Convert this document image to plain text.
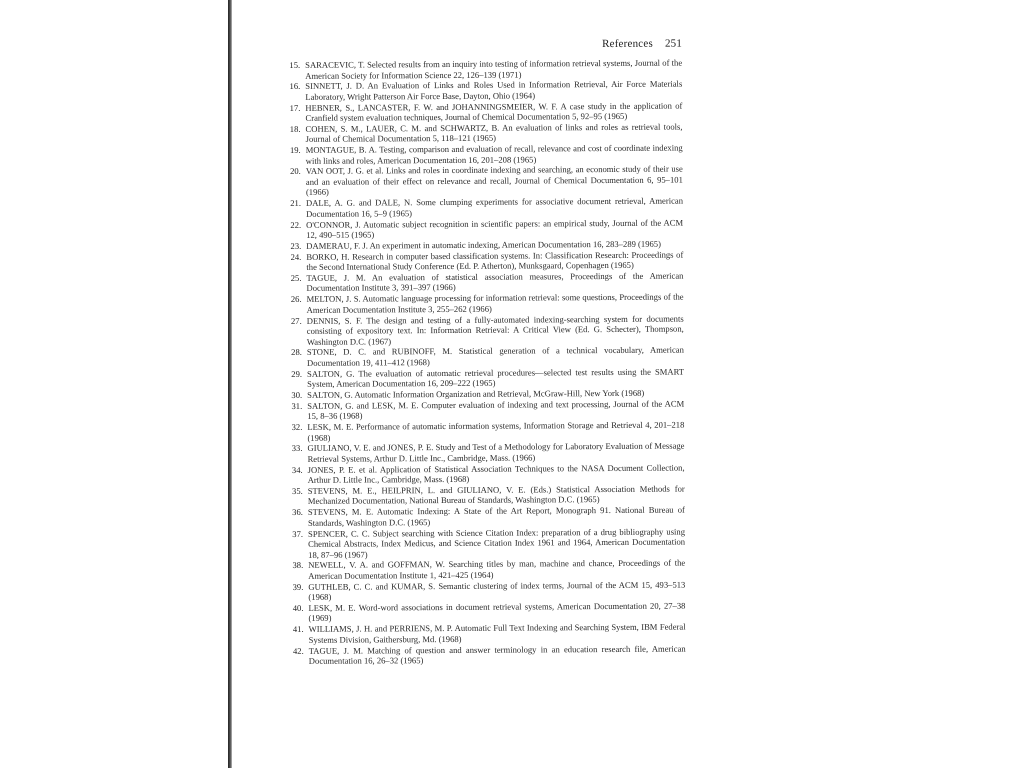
References 251
15. SARACEVIC, T. Selected results from an inquiry into testing of information retrieval systems, Journal of the American Society for Information Science 22, 126–139 (1971)
16. SINNETT, J. D. An Evaluation of Links and Roles Used in Information Retrieval, Air Force Materials Laboratory, Wright Patterson Air Force Base, Dayton, Ohio (1964)
17. HEBNER, S., LANCASTER, F. W. and JOHANNINGSMEIER, W. F. A case study in the application of Cranfield system evaluation techniques, Journal of Chemical Documentation 5, 92–95 (1965)
18. COHEN, S. M., LAUER, C. M. and SCHWARTZ, B. An evaluation of links and roles as retrieval tools, Journal of Chemical Documentation 5, 118–121 (1965)
19. MONTAGUE, B. A. Testing, comparison and evaluation of recall, relevance and cost of coordinate indexing with links and roles, American Documentation 16, 201–208 (1965)
20. VAN OOT, J. G. et al. Links and roles in coordinate indexing and searching, an economic study of their use and an evaluation of their effect on relevance and recall, Journal of Chemical Documentation 6, 95–101 (1966)
21. DALE, A. G. and DALE, N. Some clumping experiments for associative document retrieval, American Documentation 16, 5–9 (1965)
22. O'CONNOR, J. Automatic subject recognition in scientific papers: an empirical study, Journal of the ACM 12, 490–515 (1965)
23. DAMERAU, F. J. An experiment in automatic indexing, American Documentation 16, 283–289 (1965)
24. BORKO, H. Research in computer based classification systems. In: Classification Research: Proceedings of the Second International Study Conference (Ed. P. Atherton), Munksgaard, Copenhagen (1965)
25. TAGUE, J. M. An evaluation of statistical association measures, Proceedings of the American Documentation Institute 3, 391–397 (1966)
26. MELTON, J. S. Automatic language processing for information retrieval: some questions, Proceedings of the American Documentation Institute 3, 255–262 (1966)
27. DENNIS, S. F. The design and testing of a fully-automated indexing-searching system for documents consisting of expository text. In: Information Retrieval: A Critical View (Ed. G. Schecter), Thompson, Washington D.C. (1967)
28. STONE, D. C. and RUBINOFF, M. Statistical generation of a technical vocabulary, American Documentation 19, 411–412 (1968)
29. SALTON, G. The evaluation of automatic retrieval procedures—selected test results using the SMART System, American Documentation 16, 209–222 (1965)
30. SALTON, G. Automatic Information Organization and Retrieval, McGraw-Hill, New York (1968)
31. SALTON, G. and LESK, M. E. Computer evaluation of indexing and text processing, Journal of the ACM 15, 8–36 (1968)
32. LESK, M. E. Performance of automatic information systems, Information Storage and Retrieval 4, 201–218 (1968)
33. GIULIANO, V. E. and JONES, P. E. Study and Test of a Methodology for Laboratory Evaluation of Message Retrieval Systems, Arthur D. Little Inc., Cambridge, Mass. (1966)
34. JONES, P. E. et al. Application of Statistical Association Techniques to the NASA Document Collection, Arthur D. Little Inc., Cambridge, Mass. (1968)
35. STEVENS, M. E., HEILPRIN, L. and GIULIANO, V. E. (Eds.) Statistical Association Methods for Mechanized Documentation, National Bureau of Standards, Washington D.C. (1965)
36. STEVENS, M. E. Automatic Indexing: A State of the Art Report, Monograph 91. National Bureau of Standards, Washington D.C. (1965)
37. SPENCER, C. C. Subject searching with Science Citation Index: preparation of a drug bibliography using Chemical Abstracts, Index Medicus, and Science Citation Index 1961 and 1964, American Documentation 18, 87–96 (1967)
38. NEWELL, V. A. and GOFFMAN, W. Searching titles by man, machine and chance, Proceedings of the American Documentation Institute 1, 421–425 (1964)
39. GUTHLEB, C. C. and KUMAR, S. Semantic clustering of index terms, Journal of the ACM 15, 493–513 (1968)
40. LESK, M. E. Word-word associations in document retrieval systems, American Documentation 20, 27–38 (1969)
41. WILLIAMS, J. H. and PERRIENS, M. P. Automatic Full Text Indexing and Searching System, IBM Federal Systems Division, Gaithersburg, Md. (1968)
42. TAGUE, J. M. Matching of question and answer terminology in an education research file, American Documentation 16, 26–32 (1965)
